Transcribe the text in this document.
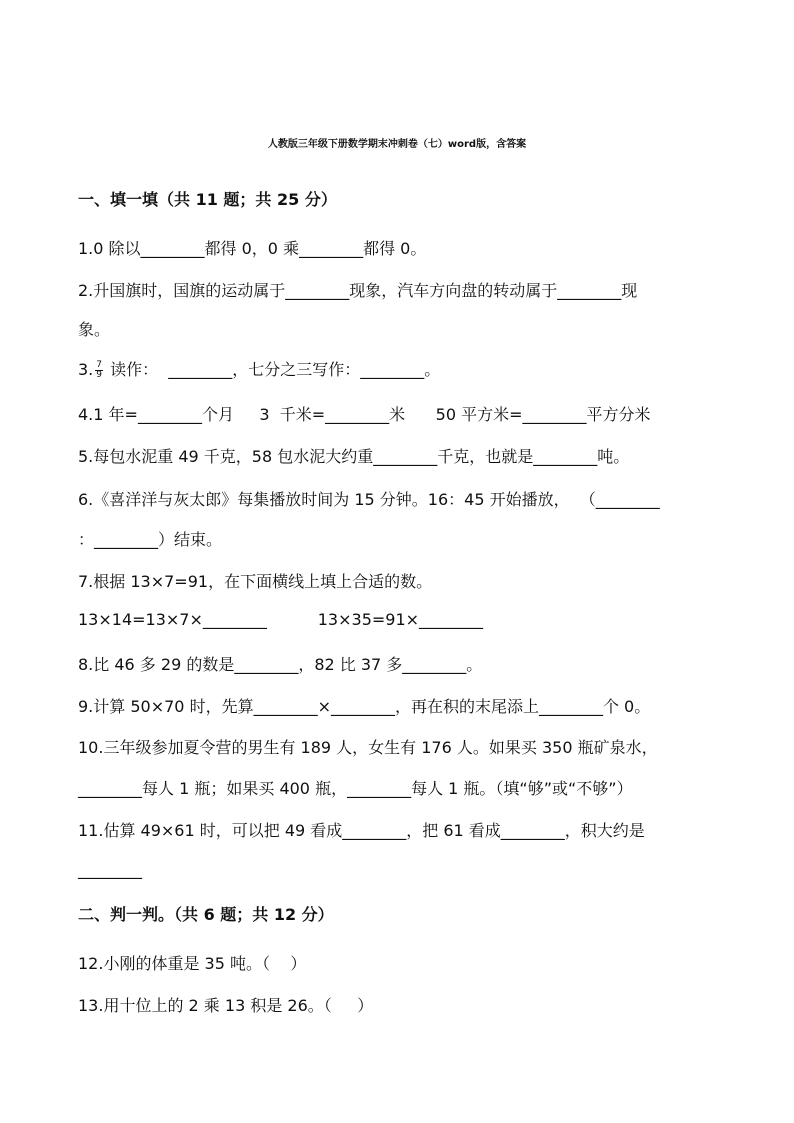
人教版三年级下册数学期末冲刺卷（七）word版，含答案
一、填一填（共 11 题；共 25 分）
1.0 除以________都得 0，0 乘________都得 0。
2.升国旗时，国旗的运动属于________现象，汽车方向盘的转动属于________现
象。
3. $\frac{7}{9}$ 读作：  ________，七分之三写作：________。
4.1 年=________个月     3  千米=________米      50 平方米=________平方分米
5.每包水泥重 49 千克，58 包水泥大约重________千克，也就是________吨。
6.《喜洋洋与灰太郎》每集播放时间为 15 分钟。16：45 开始播放，  （________
：________）结束。
7.根据 13×7=91，在下面横线上填上合适的数。
13×14=13×7×________          13×35=91×________
8.比 46 多 29 的数是________，82 比 37 多________。
9.计算 50×70 时，先算________×________，再在积的末尾添上________个 0。
10.三年级参加夏令营的男生有 189 人，女生有 176 人。如果买 350 瓶矿泉水，
________每人 1 瓶；如果买 400 瓶，________每人 1 瓶。（填“够”或“不够”）
11.估算 49×61 时，可以把 49 看成________，把 61 看成________，积大约是
________
二、判一判。（共 6 题；共 12 分）
12.小刚的体重是 35 吨。（    ）
13.用十位上的 2 乘 13 积是 26。（     ）
